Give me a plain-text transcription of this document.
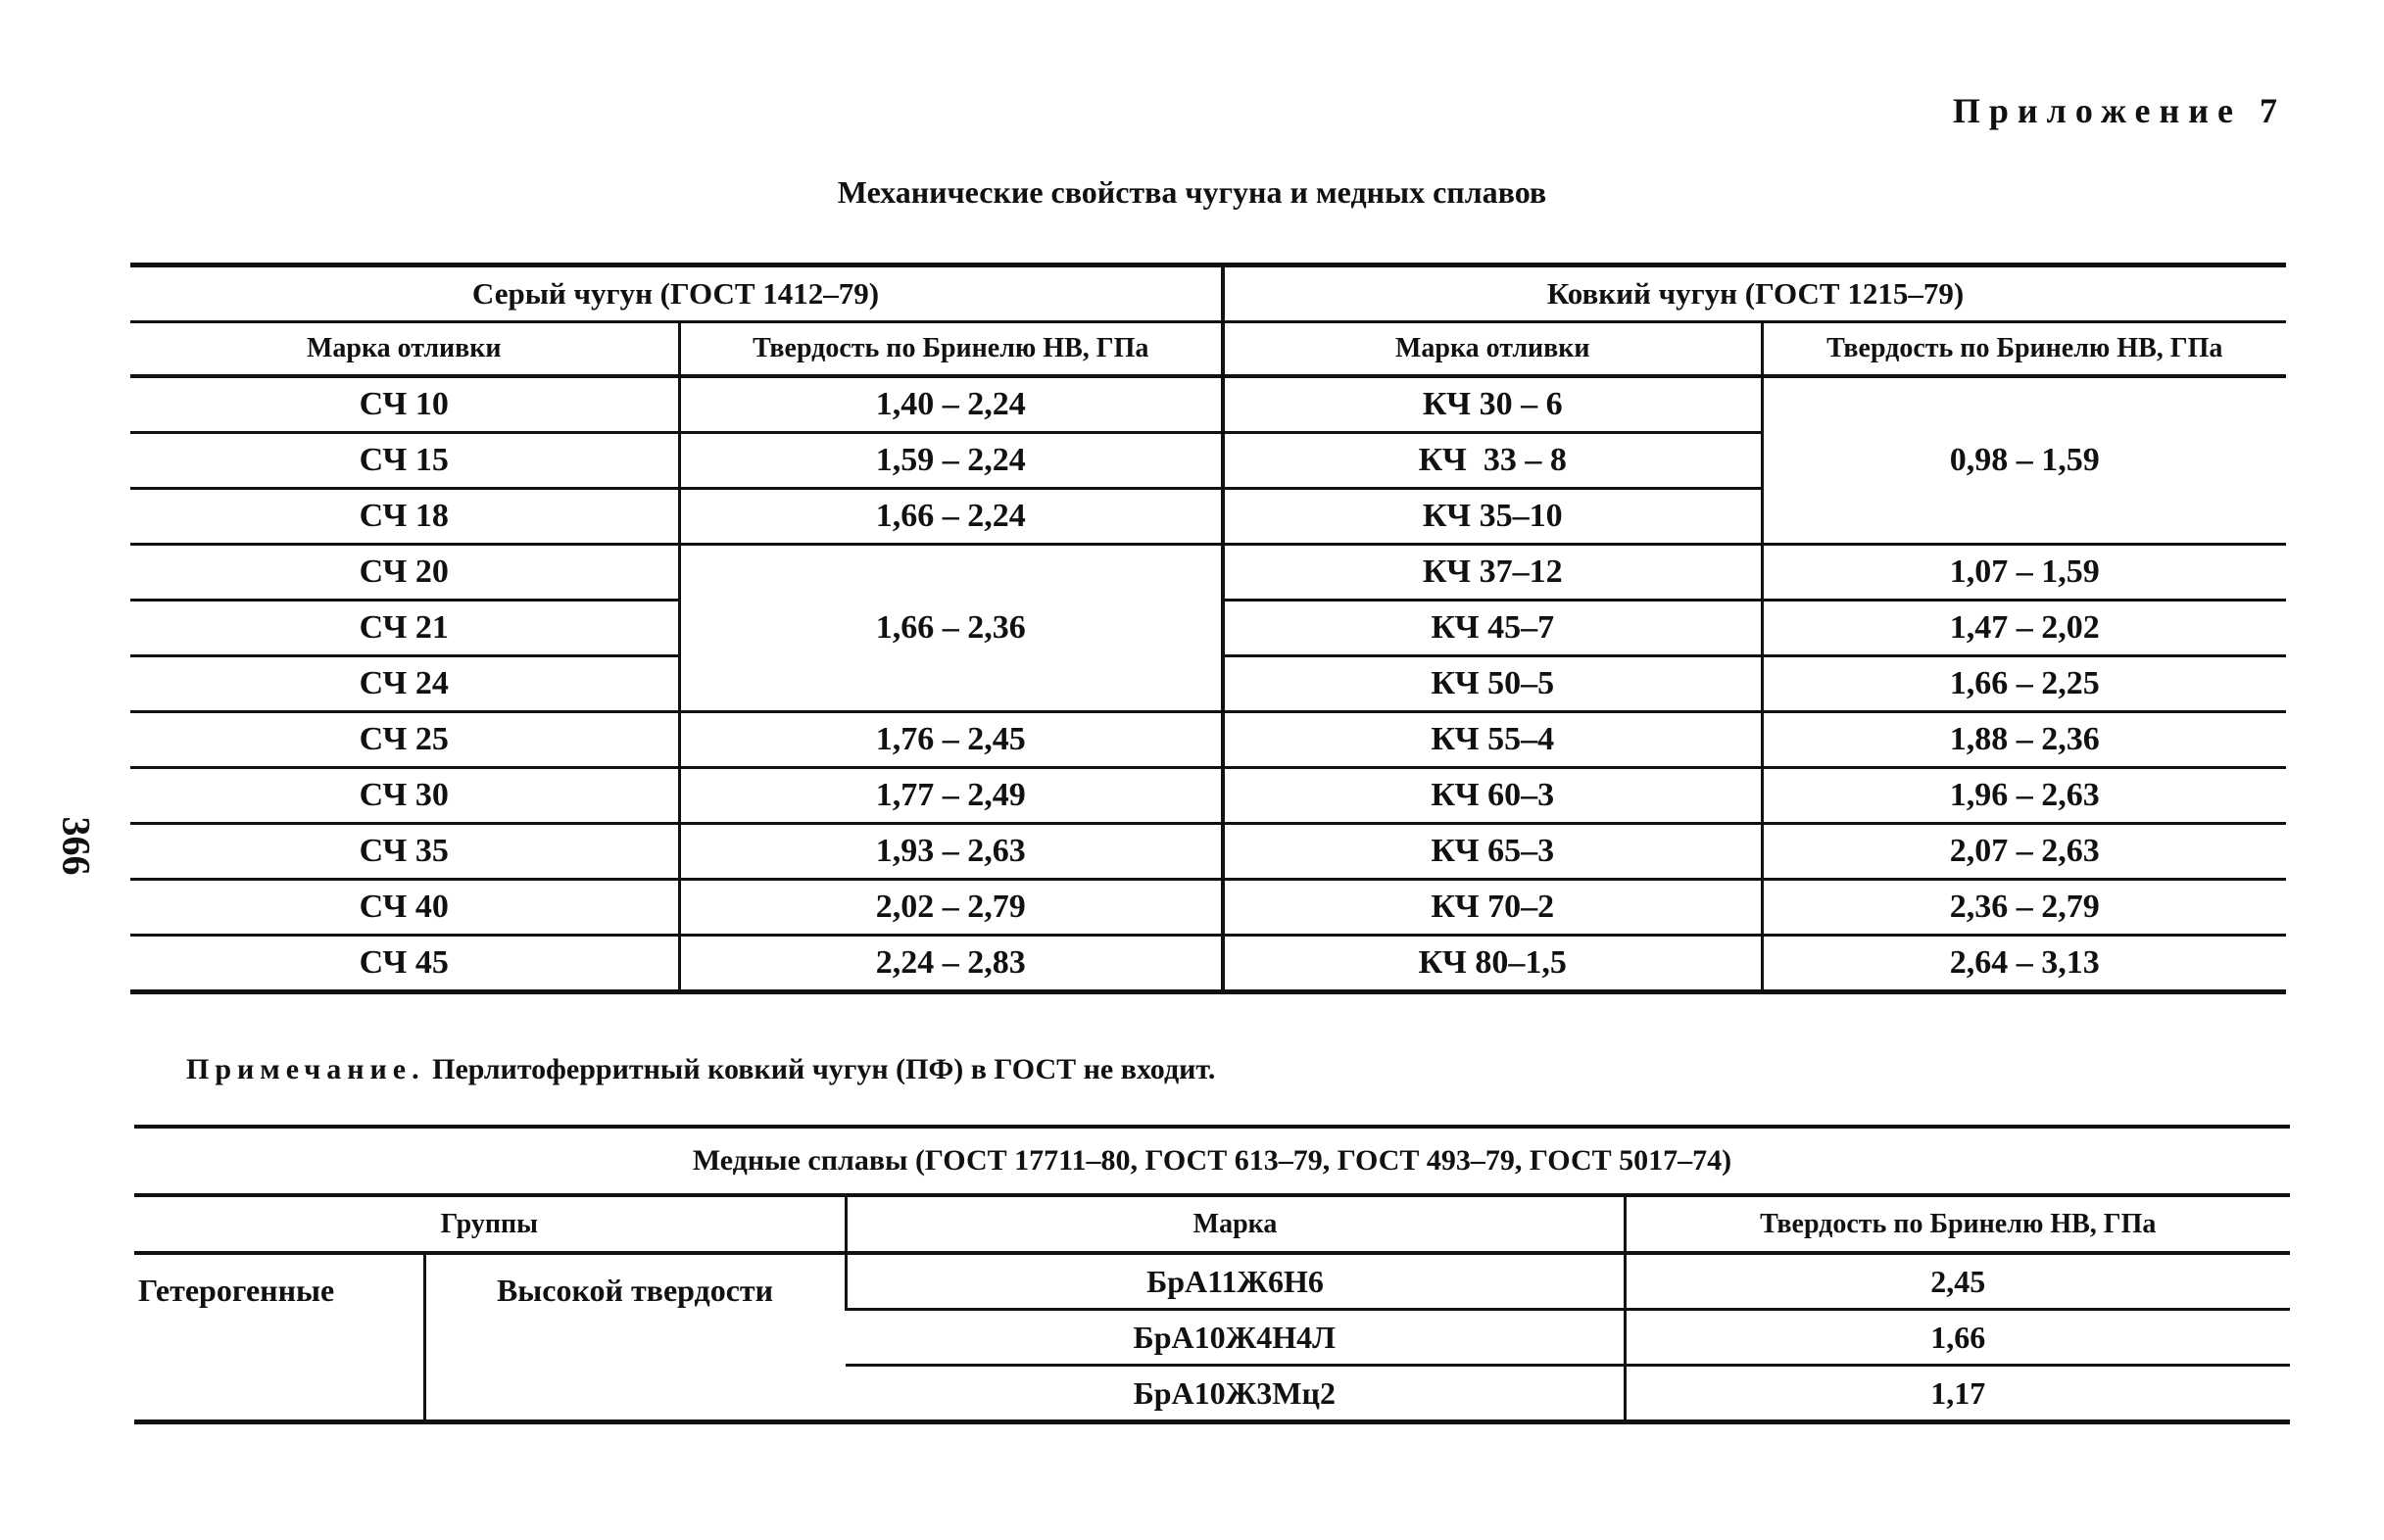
Приложение 7
Механические свойства чугуна и медных сплавов
366
Серый чугун (ГОСТ 1412–79)		Ковкий чугун (ГОСТ 1215–79)	
Марка отливки	Твердость по Бринелю НВ, ГПа	Марка отливки	Твердость по Бринелю НВ, ГПа
СЧ 10	1,40 – 2,24	КЧ 30 – 6	0,98 – 1,59
СЧ 15	1,59 – 2,24	КЧ  33 – 8	
СЧ 18	1,66 – 2,24	КЧ 35–10	
СЧ 20	1,66 – 2,36	КЧ 37–12	1,07 – 1,59
СЧ 21		КЧ 45–7	1,47 – 2,02
СЧ 24		КЧ 50–5	1,66 – 2,25
СЧ 25	1,76 – 2,45	КЧ 55–4	1,88 – 2,36
СЧ 30	1,77 – 2,49	КЧ 60–3	1,96 – 2,63
СЧ 35	1,93 – 2,63	КЧ 65–3	2,07 – 2,63
СЧ 40	2,02 – 2,79	КЧ 70–2	2,36 – 2,79
СЧ 45	2,24 – 2,83	КЧ 80–1,5	2,64 – 3,13
Примечание. Перлитоферритный ковкий чугун (ПФ) в ГОСТ не входит.
Медные сплавы (ГОСТ 17711–80, ГОСТ 613–79, ГОСТ 493–79, ГОСТ 5017–74)
Группы		Марка	Твердость по Бринелю НВ, ГПа
Гетерогенные	Высокой твердости	БрА11Ж6Н6	2,45
		БрА10Ж4Н4Л	1,66
		БрА10Ж3Мц2	1,17
